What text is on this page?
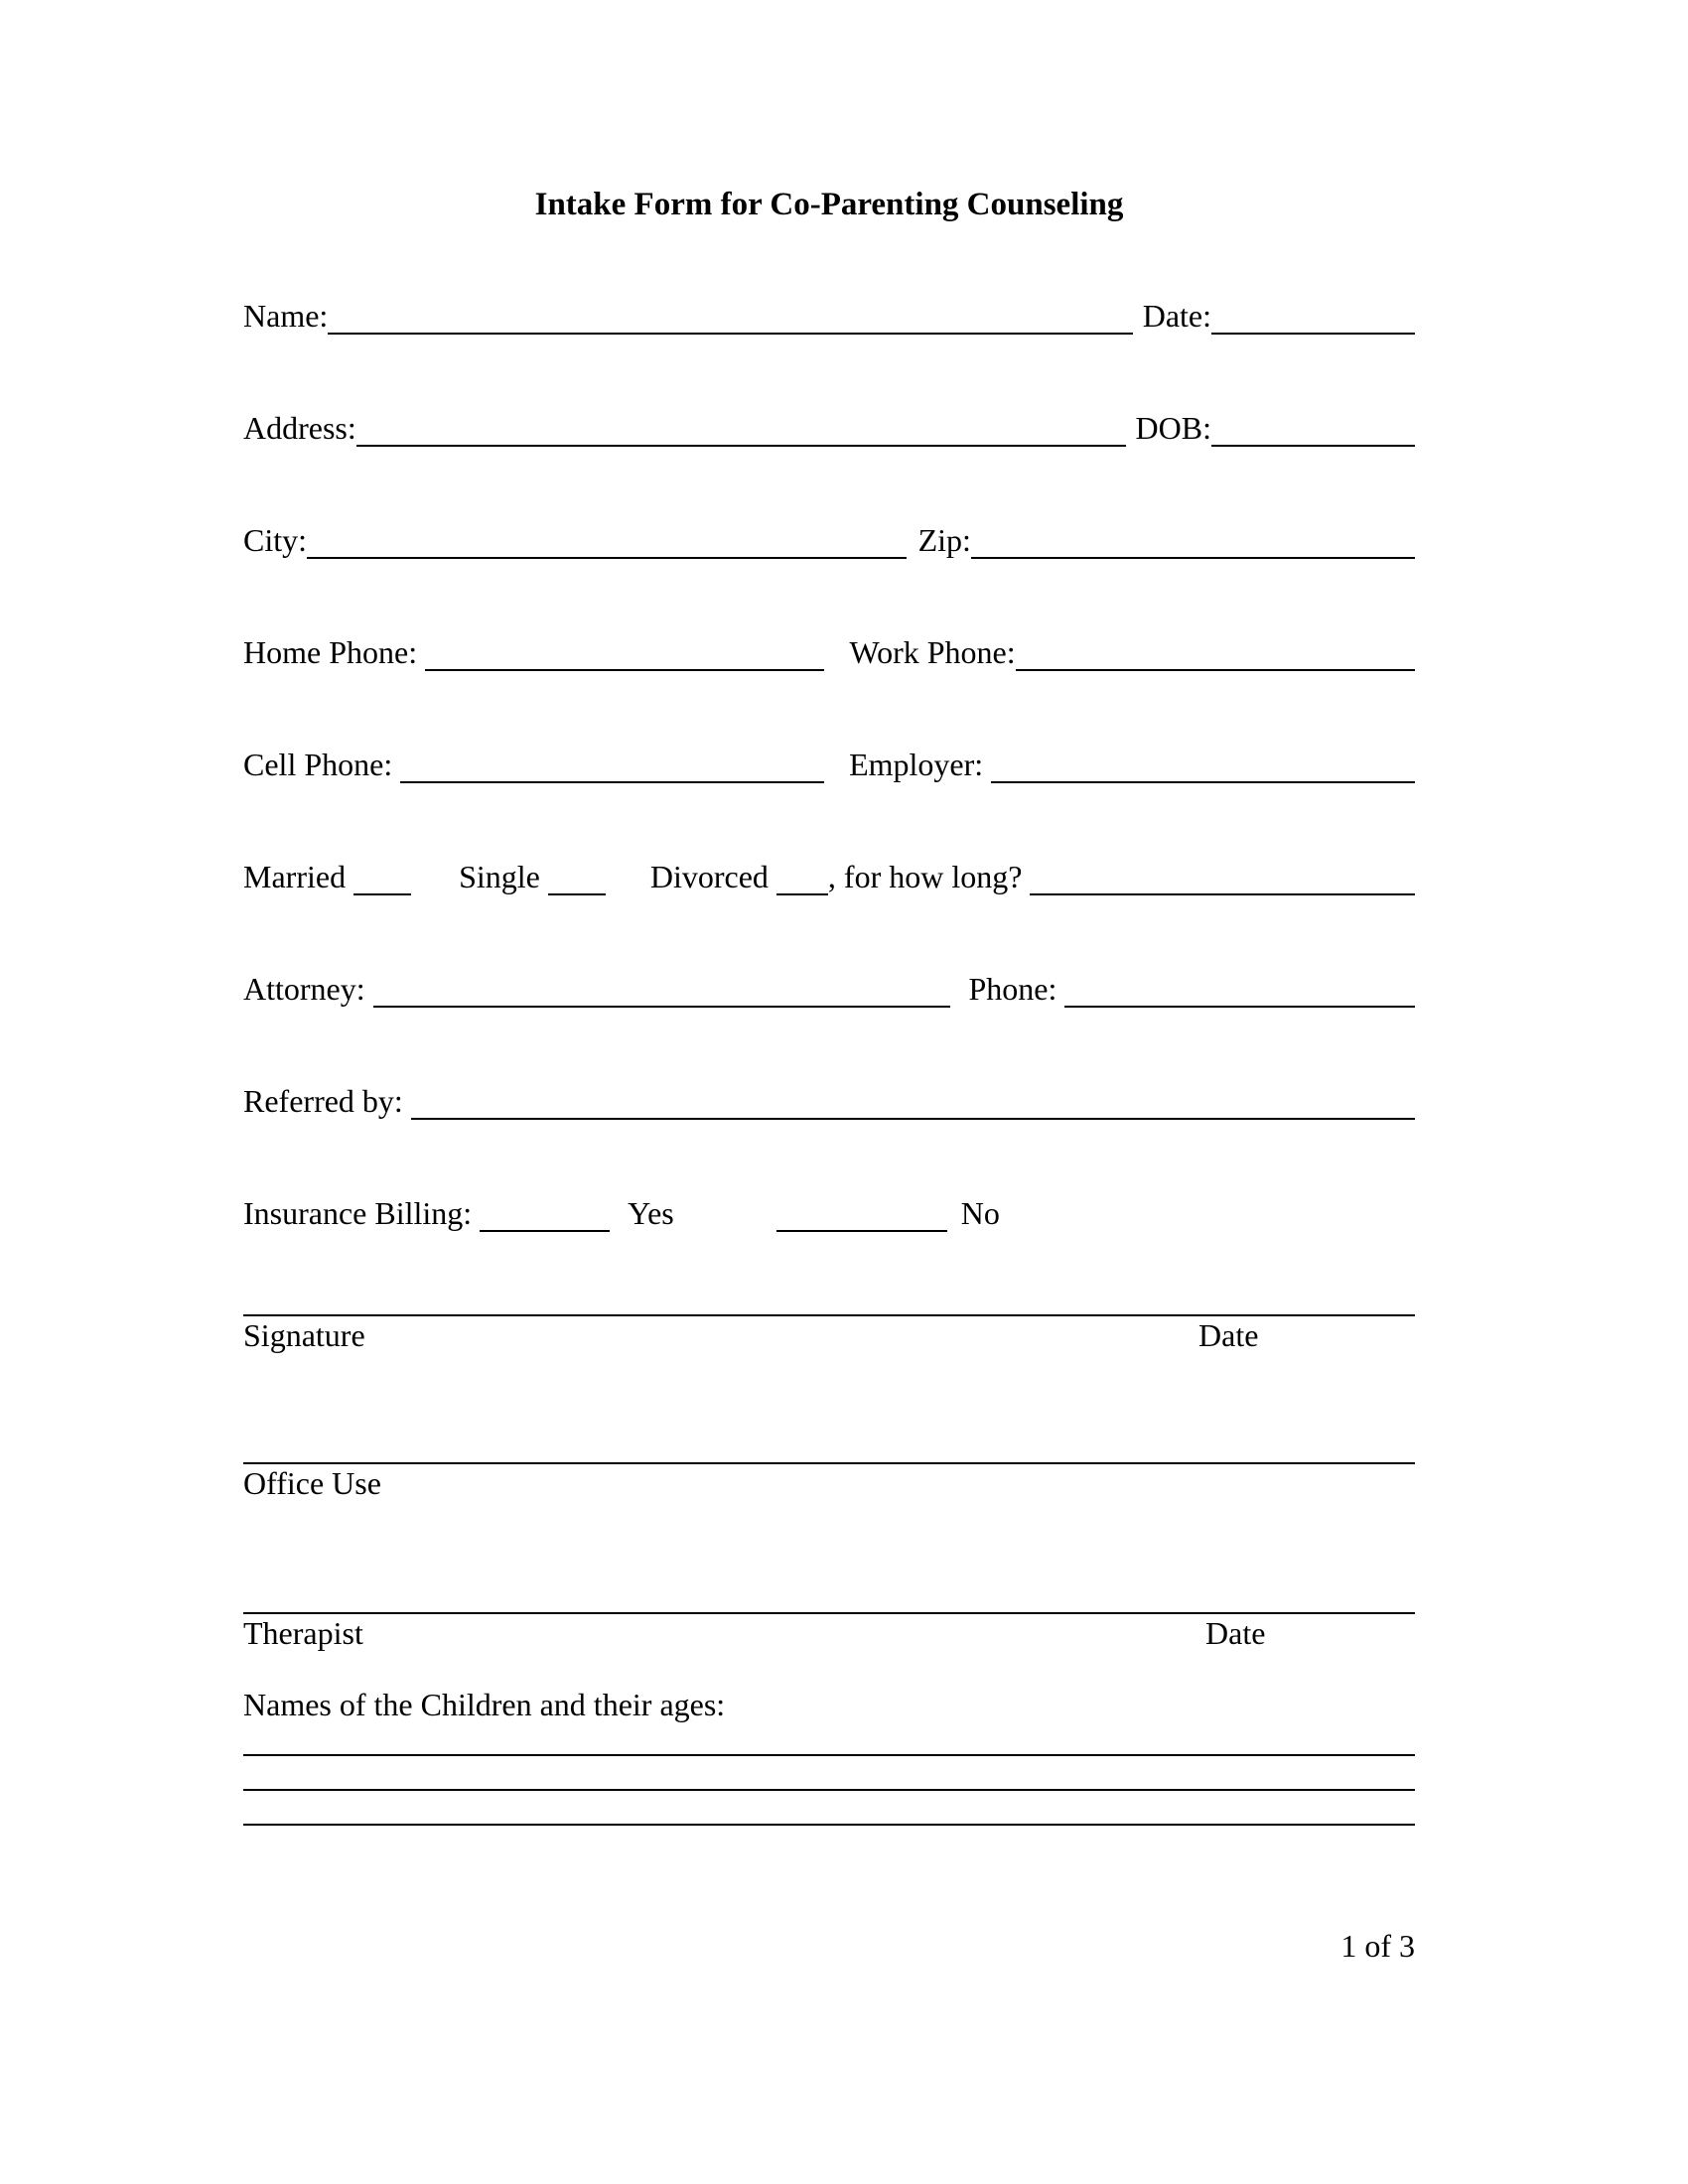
Intake Form for Co-Parenting Counseling
Name:	Date:
Address:	DOB:
City:	Zip:
Home Phone:	Work Phone:
Cell Phone:	Employer:
Married	Single	Divorced , for how long?
Attorney:	Phone:
Referred by:
Insurance Billing:	Yes	No
Signature	Date
Office Use
Therapist	Date
Names of the Children and their ages:
1 of 3
